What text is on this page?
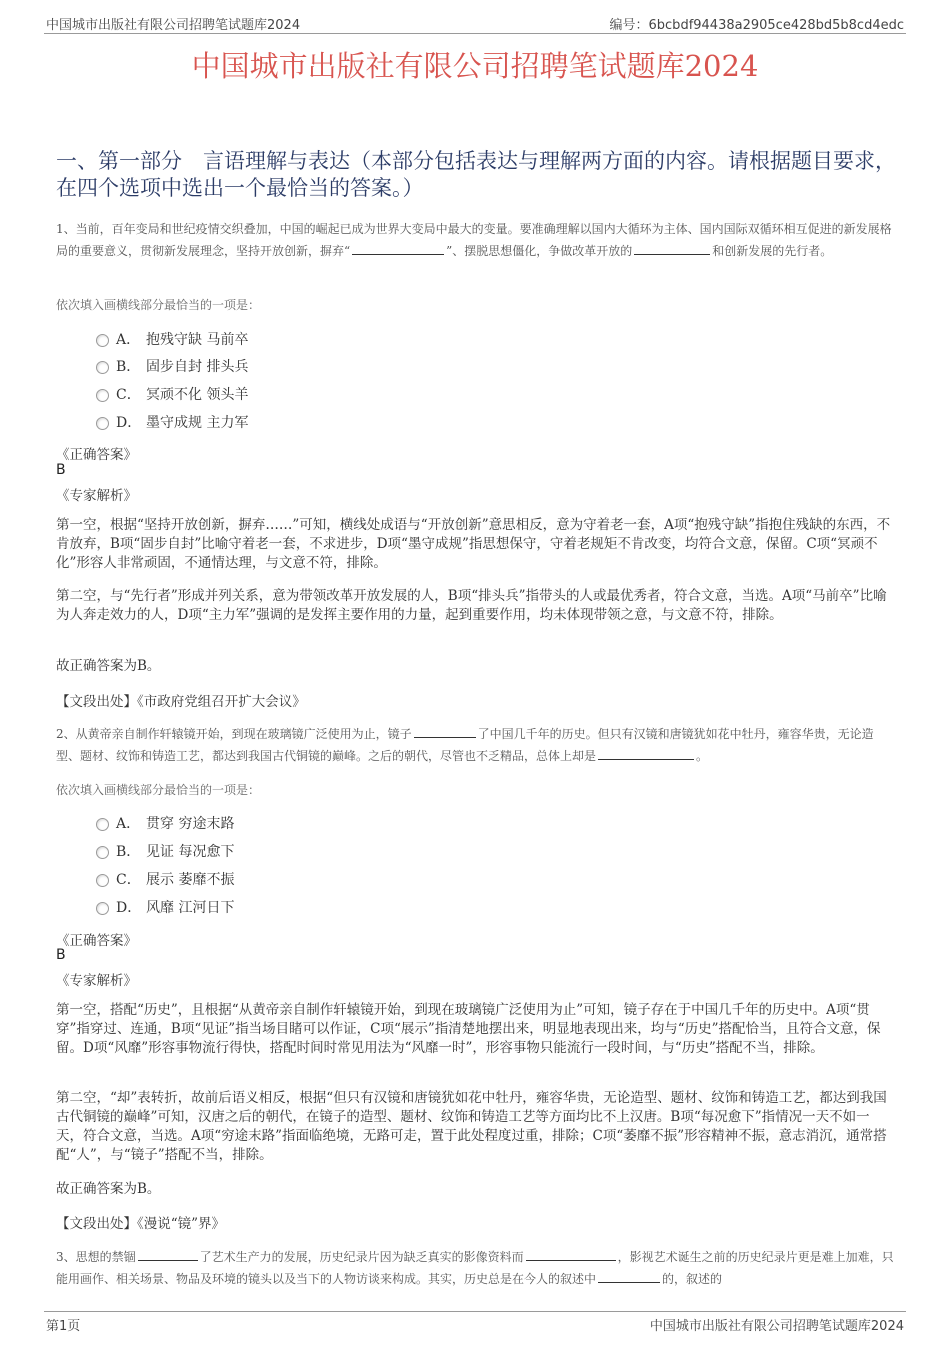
中国城市出版社有限公司招聘笔试题库2024	编号：6bcbdf94438a2905ce428bd5b8cd4edc
中国城市出版社有限公司招聘笔试题库2024
一、第一部分　言语理解与表达（本部分包括表达与理解两方面的内容。请根据题目要求，在四个选项中选出一个最恰当的答案。）
1、当前，百年变局和世纪疫情交织叠加，中国的崛起已成为世界大变局中最大的变量。要准确理解以国内大循环为主体、国内国际双循环相互促进的新发展格局的重要意义，贯彻新发展理念，坚持开放创新，摒弃“	”、摆脱思想僵化，争做改革开放的	和创新发展的先行者。
依次填入画横线部分最恰当的一项是：
A． 抱残守缺 马前卒
B． 固步自封 排头兵
C． 冥顽不化 领头羊
D． 墨守成规 主力军
《正确答案》
B
《专家解析》
第一空，根据“坚持开放创新，摒弃……”可知，横线处成语与“开放创新”意思相反，意为守着老一套，A项“抱残守缺”指抱住残缺的东西，不肯放弃，B项“固步自封”比喻守着老一套，不求进步，D项“墨守成规”指思想保守，守着老规矩不肯改变，均符合文意，保留。C项“冥顽不化”形容人非常顽固，不通情达理，与文意不符，排除。
第二空，与“先行者”形成并列关系，意为带领改革开放发展的人，B项“排头兵”指带头的人或最优秀者，符合文意，当选。A项“马前卒”比喻为人奔走效力的人，D项“主力军”强调的是发挥主要作用的力量，起到重要作用，均未体现带领之意，与文意不符，排除。
故正确答案为B。
【文段出处】《市政府党组召开扩大会议》
2、从黄帝亲自制作轩辕镜开始，到现在玻璃镜广泛使用为止，镜子	了中国几千年的历史。但只有汉镜和唐镜犹如花中牡丹，雍容华贵，无论造型、题材、纹饰和铸造工艺，都达到我国古代铜镜的巅峰。之后的朝代，尽管也不乏精品，总体上却是	。
依次填入画横线部分最恰当的一项是：
A． 贯穿 穷途末路
B． 见证 每况愈下
C． 展示 萎靡不振
D． 风靡 江河日下
《正确答案》
B
《专家解析》
第一空，搭配“历史”，且根据“从黄帝亲自制作轩辕镜开始，到现在玻璃镜广泛使用为止”可知，镜子存在于中国几千年的历史中。A项“贯穿”指穿过、连通，B项“见证”指当场目睹可以作证，C项“展示”指清楚地摆出来，明显地表现出来，均与“历史”搭配恰当，且符合文意，保留。D项“风靡”形容事物流行得快，搭配时间时常见用法为“风靡一时”，形容事物只能流行一段时间，与“历史”搭配不当，排除。
第二空，“却”表转折，故前后语义相反，根据“但只有汉镜和唐镜犹如花中牡丹，雍容华贵，无论造型、题材、纹饰和铸造工艺，都达到我国古代铜镜的巅峰”可知，汉唐之后的朝代，在镜子的造型、题材、纹饰和铸造工艺等方面均比不上汉唐。B项“每况愈下”指情况一天不如一天，符合文意，当选。A项“穷途末路”指面临绝境，无路可走，置于此处程度过重，排除；C项“萎靡不振”形容精神不振，意志消沉，通常搭配“人”，与“镜子”搭配不当，排除。
故正确答案为B。
【文段出处】《漫说“镜”界》
3、思想的禁锢	了艺术生产力的发展，历史纪录片因为缺乏真实的影像资料而	，影视艺术诞生之前的历史纪录片更是难上加难，只能用画作、相关场景、物品及环境的镜头以及当下的人物访谈来构成。其实，历史总是在今人的叙述中	的，叙述的
第1页	中国城市出版社有限公司招聘笔试题库2024
